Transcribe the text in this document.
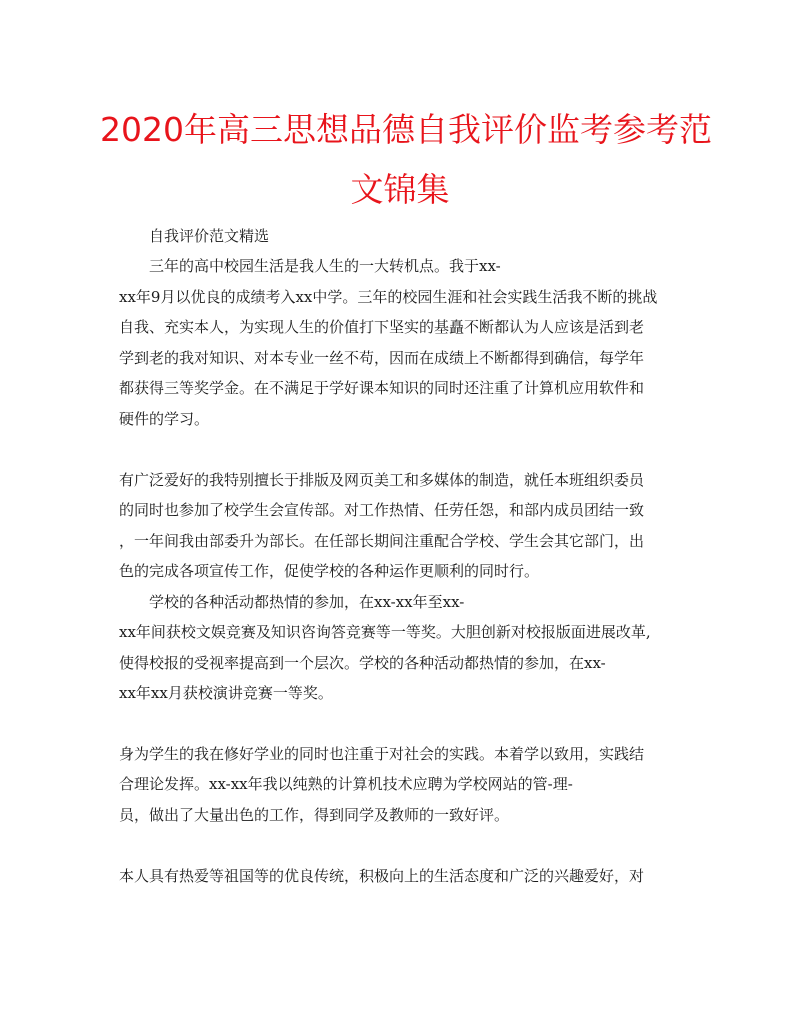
2020年高三思想品德自我评价监考参考范
文锦集

自我评价范文精选

三年的高中校园生活是我人生的一大转机点。我于xx-

xx年9月以优良的成绩考入xx中学。三年的校园生涯和社会实践生活我不断的挑战

自我、充实本人，为实现人生的价值打下坚实的基矗不断都认为人应该是活到老

学到老的我对知识、对本专业一丝不苟，因而在成绩上不断都得到确信，每学年

都获得三等奖学金。在不满足于学好课本知识的同时还注重了计算机应用软件和

硬件的学习。

有广泛爱好的我特别擅长于排版及网页美工和多媒体的制造，就任本班组织委员

的同时也参加了校学生会宣传部。对工作热情、任劳任怨，和部内成员团结一致

，一年间我由部委升为部长。在任部长期间注重配合学校、学生会其它部门，出

色的完成各项宣传工作，促使学校的各种运作更顺利的同时行。

学校的各种活动都热情的参加，在xx-xx年至xx-

xx年间获校文娱竞赛及知识咨询答竞赛等一等奖。大胆创新对校报版面进展改革,

使得校报的受视率提高到一个层次。学校的各种活动都热情的参加，在xx-

xx年xx月获校演讲竞赛一等奖。

身为学生的我在修好学业的同时也注重于对社会的实践。本着学以致用，实践结

合理论发挥。xx-xx年我以纯熟的计算机技术应聘为学校网站的管-理-

员，做出了大量出色的工作，得到同学及教师的一致好评。

本人具有热爱等祖国等的优良传统，积极向上的生活态度和广泛的兴趣爱好，对
